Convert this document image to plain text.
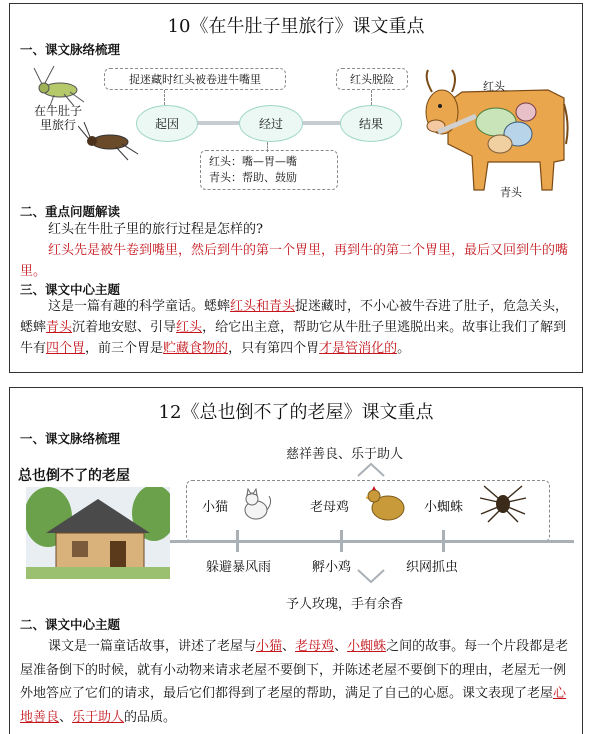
10《在牛肚子里旅行》课文重点
一、课文脉络梳理
在牛肚子
里旅行
捉迷藏时红头被卷进牛嘴里	红头脱险
起因	经过	结果
红头：嘴—胃—嘴
青头：帮助、鼓励
红头
青头
二、重点问题解读
红头在牛肚子里的旅行过程是怎样的?
红头先是被牛卷到嘴里，然后到牛的第一个胃里，再到牛的第二个胃里，最后又回到牛的嘴里。
三、课文中心主题
这是一篇有趣的科学童话。蟋蟀红头和青头捉迷藏时，不小心被牛吞进了肚子，危急关头，蟋蟀青头沉着地安慰、引导红头，给它出主意，帮助它从牛肚子里逃脱出来。故事让我们了解到牛有四个胃，前三个胃是贮藏食物的，只有第四个胃才是管消化的。
12《总也倒不了的老屋》课文重点
一、课文脉络梳理
总也倒不了的老屋
慈祥善良、乐于助人
小猫	老母鸡	小蜘蛛
躲避暴风雨	孵小鸡	织网抓虫
予人玫瑰，手有余香
二、课文中心主题
课文是一篇童话故事，讲述了老屋与小猫、老母鸡、小蜘蛛之间的故事。每一个片段都是老屋准备倒下的时候，就有小动物来请求老屋不要倒下，并陈述老屋不要倒下的理由，老屋无一例外地答应了它们的请求，最后它们都得到了老屋的帮助，满足了自己的心愿。课文表现了老屋心地善良、乐于助人的品质。
